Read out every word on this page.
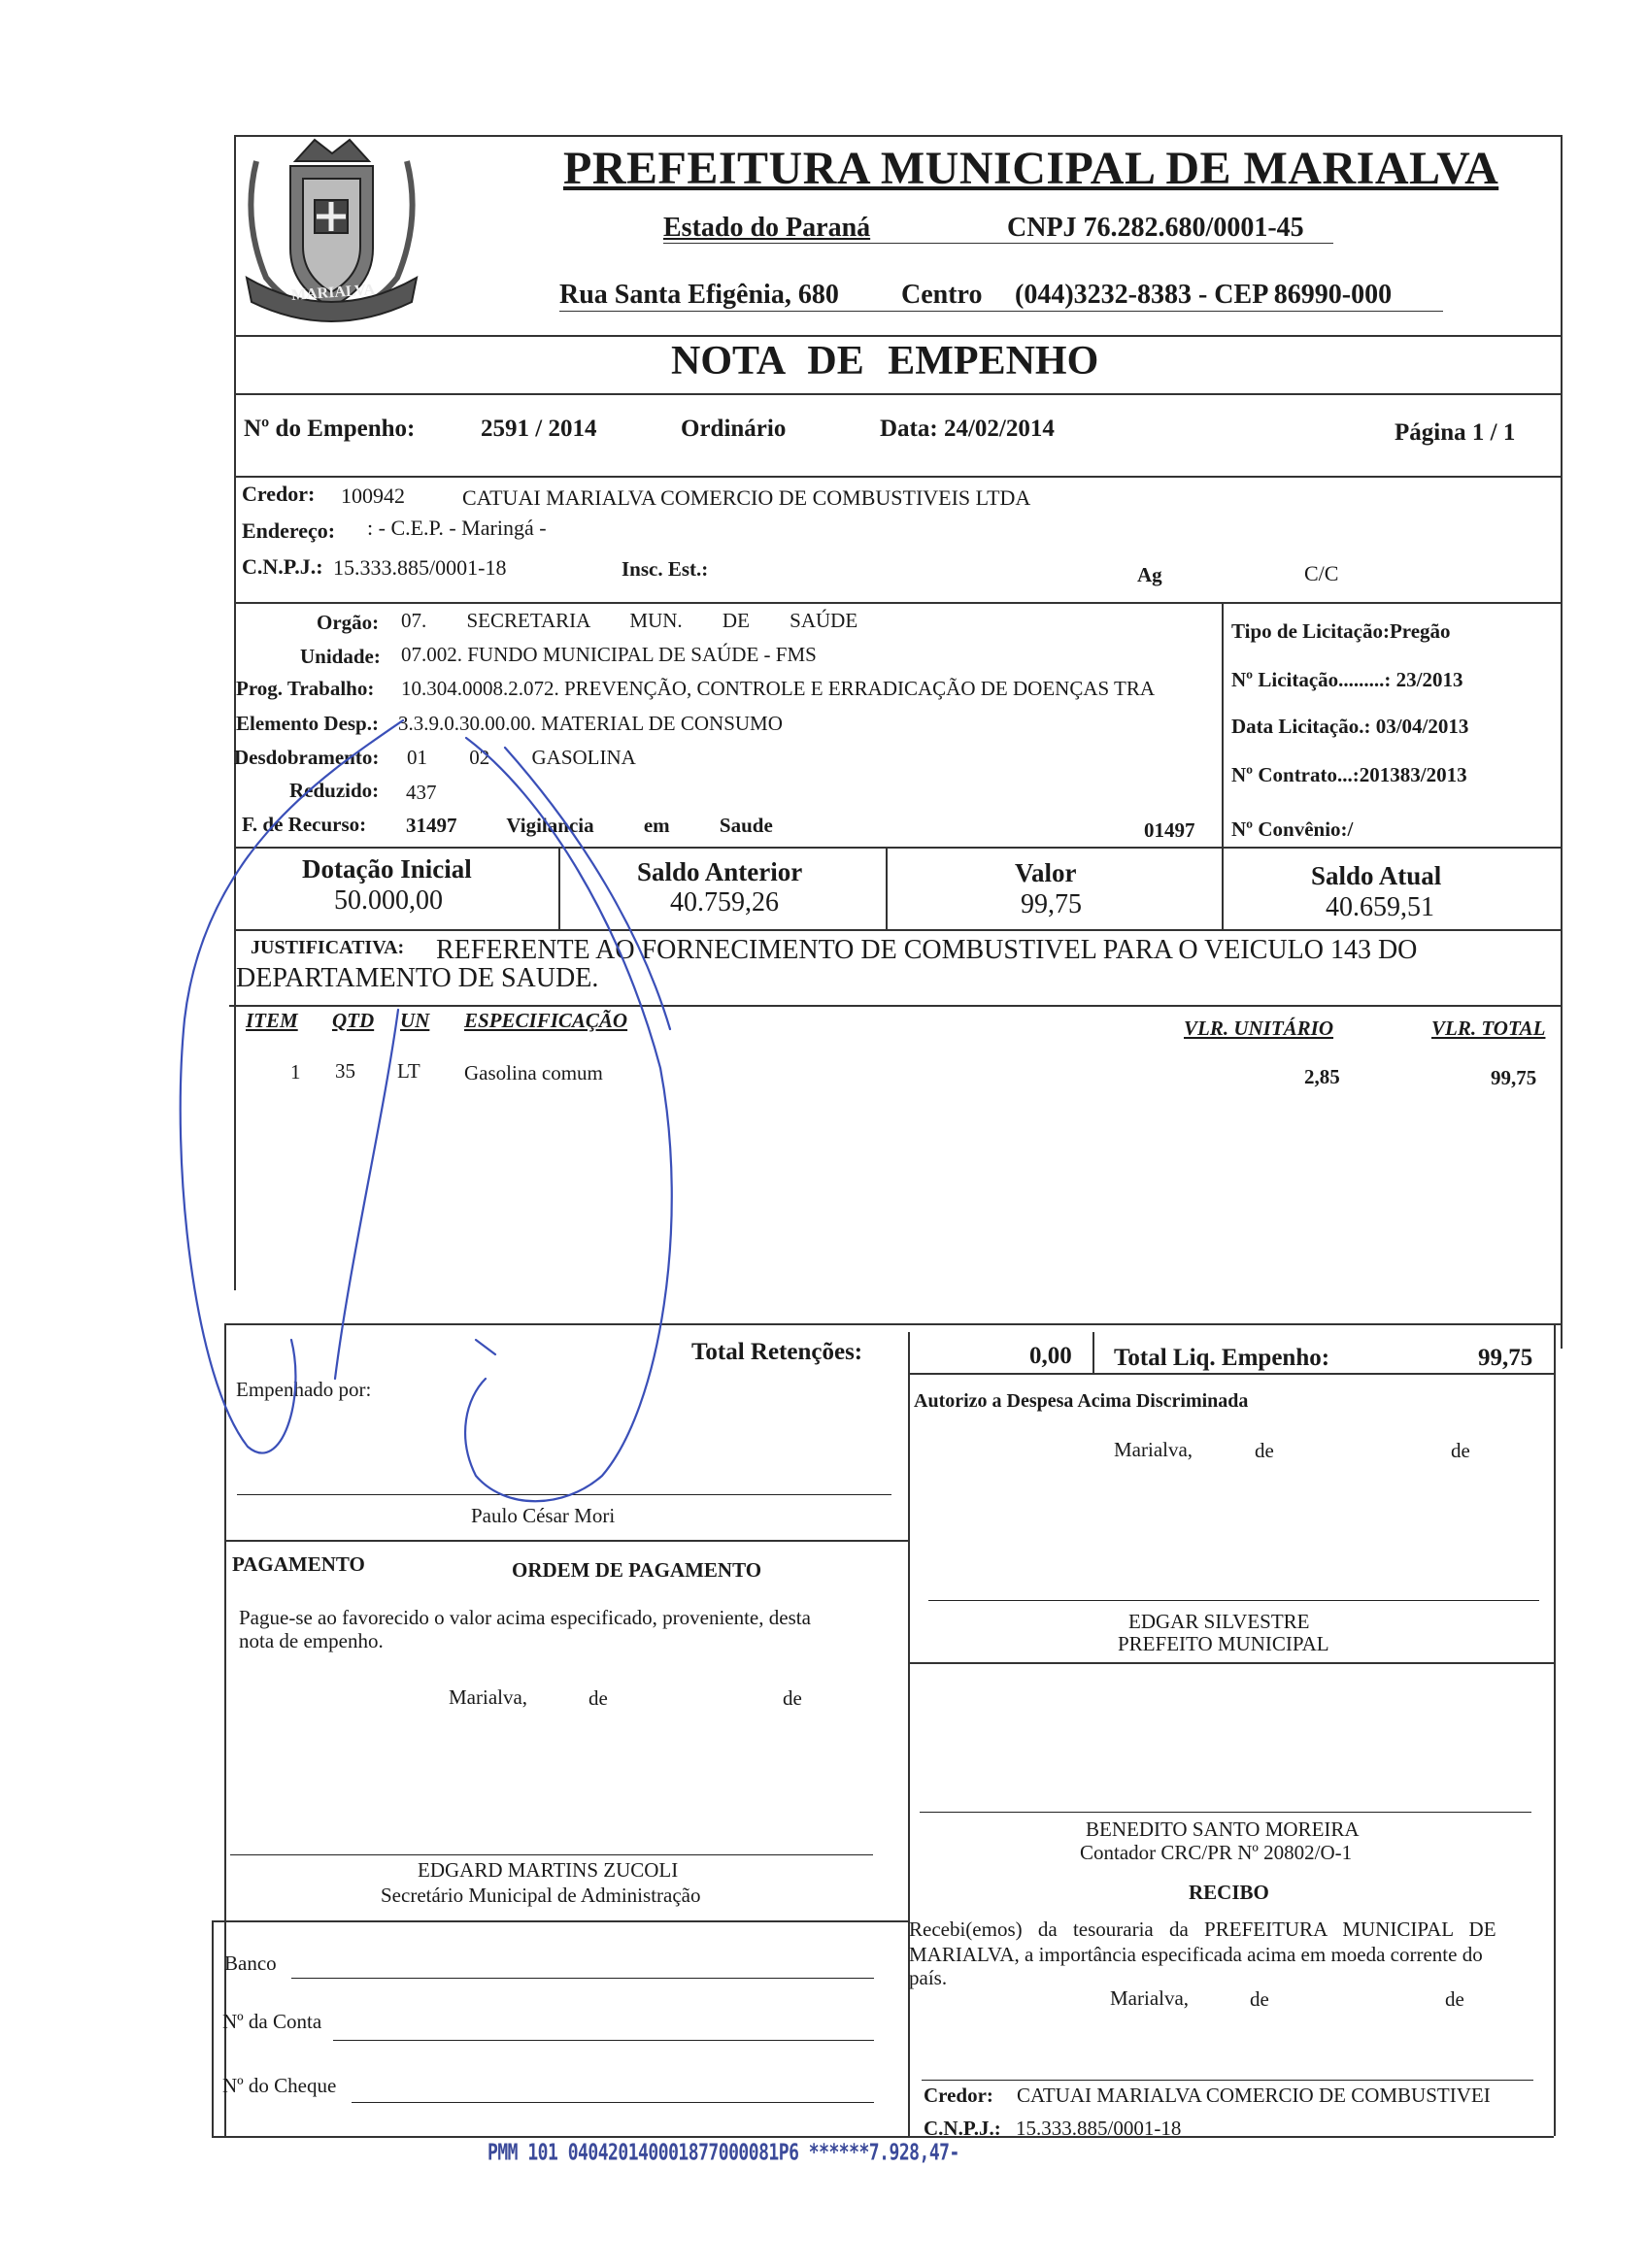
MARIALVA
PREFEITURA MUNICIPAL DE MARIALVA
Estado do Paraná	CNPJ 76.282.680/0001-45
Rua Santa Efigênia, 680 Centro (044)3232-8383 - CEP 86990-000
NOTA DE EMPENHO
Nº do Empenho:	2591 / 2014	Ordinário	Data: 24/02/2014	Página 1 / 1
Credor: 100942	CATUAI MARIALVA COMERCIO DE COMBUSTIVEIS LTDA
Endereço: : - C.E.P. - Maringá -
C.N.P.J.: 15.333.885/0001-18	Insc. Est.:	Ag	C/C
Orgão: 07. SECRETARIA MUN. DE SAÚDE
Unidade: 07.002. FUNDO MUNICIPAL DE SAÚDE - FMS
Prog. Trabalho: 10.304.0008.2.072. PREVENÇÃO, CONTROLE E ERRADICAÇÃO DE DOENÇAS TRA
Elemento Desp.: 3.3.9.0.30.00.00. MATERIAL DE CONSUMO
Desdobramento: 01 02 GASOLINA
Reduzido: 437
F. de Recurso: 31497 Vigilancia em Saude	01497
Tipo de Licitação:Pregão
Nº Licitação.........: 23/2013
Data Licitação.: 03/04/2013
Nº Contrato...:201383/2013
Nº Convênio:/
Dotação Inicial
50.000,00
Saldo Anterior
40.759,26
Valor
99,75
Saldo Atual
40.659,51
JUSTIFICATIVA: REFERENTE AO FORNECIMENTO DE COMBUSTIVEL PARA O VEICULO 143 DO
DEPARTAMENTO DE SAUDE.
ITEM QTD UN ESPECIFICAÇÃO	VLR. UNITÁRIO	VLR. TOTAL
1 35 LT Gasolina comum	2,85	99,75
Total Retenções:	0,00 Total Liq. Empenho:	99,75
Empenhado por:
Paulo César Mori
Autorizo a Despesa Acima Discriminada
Marialva,	de	de
EDGAR SILVESTRE
PREFEITO MUNICIPAL
PAGAMENTO	ORDEM DE PAGAMENTO
Pague-se ao favorecido o valor acima especificado, proveniente, desta
nota de empenho.
Marialva,	de	de
EDGARD MARTINS ZUCOLI
Secretário Municipal de Administração
BENEDITO SANTO MOREIRA
Contador CRC/PR Nº 20802/O-1
RECIBO
Recebi(emos) da tesouraria da PREFEITURA MUNICIPAL DE
MARIALVA, a importância especificada acima em moeda corrente do
país.
Marialva,	de	de
Credor: CATUAI MARIALVA COMERCIO DE COMBUSTIVEI
C.N.P.J.: 15.333.885/0001-18
Banco
Nº da Conta
Nº do Cheque
PMM 101 040420140001877000081P6 ******7.928,47-
